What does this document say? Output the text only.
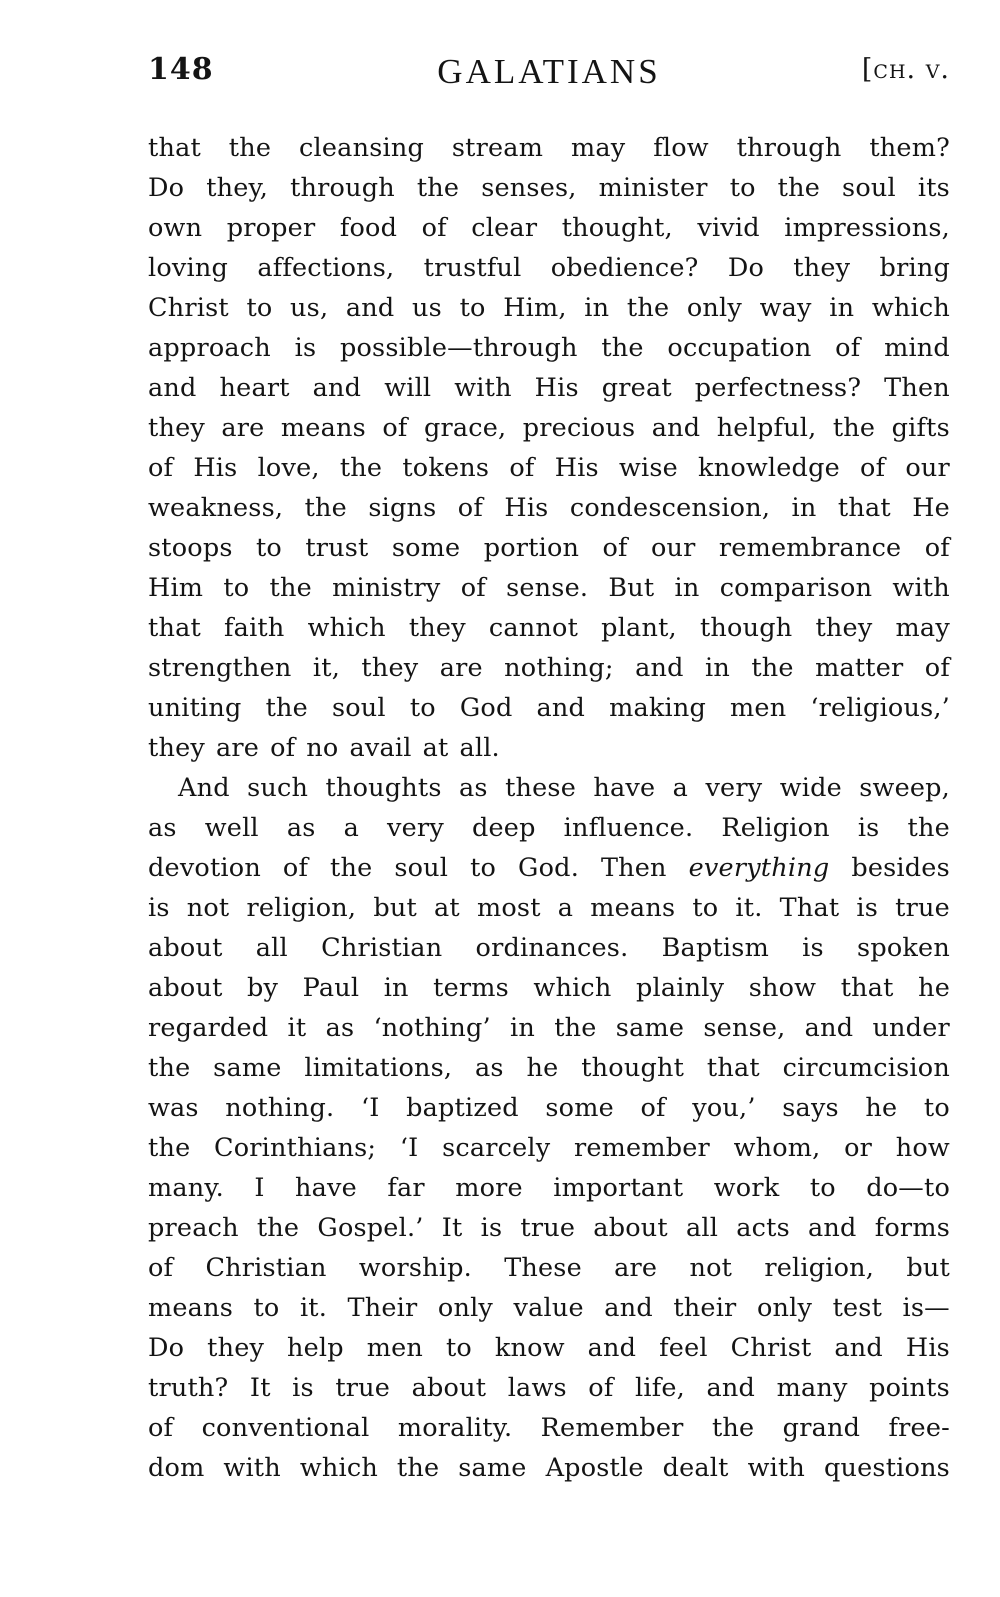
148	GALATIANS	[ch. v.
that the cleansing stream may flow through them?
Do they, through the senses, minister to the soul its
own proper food of clear thought, vivid impressions,
loving affections, trustful obedience? Do they bring
Christ to us, and us to Him, in the only way in which
approach is possible—through the occupation of mind
and heart and will with His great perfectness? Then
they are means of grace, precious and helpful, the gifts
of His love, the tokens of His wise knowledge of our
weakness, the signs of His condescension, in that He
stoops to trust some portion of our remembrance of
Him to the ministry of sense. But in comparison with
that faith which they cannot plant, though they may
strengthen it, they are nothing; and in the matter of
uniting the soul to God and making men ‘religious,’
they are of no avail at all.
And such thoughts as these have a very wide sweep,
as well as a very deep influence. Religion is the
devotion of the soul to God. Then everything besides
is not religion, but at most a means to it. That is true
about all Christian ordinances. Baptism is spoken
about by Paul in terms which plainly show that he
regarded it as ‘nothing’ in the same sense, and under
the same limitations, as he thought that circumcision
was nothing. ‘I baptized some of you,’ says he to
the Corinthians; ‘I scarcely remember whom, or how
many. I have far more important work to do—to
preach the Gospel.’ It is true about all acts and forms
of Christian worship. These are not religion, but
means to it. Their only value and their only test is—
Do they help men to know and feel Christ and His
truth? It is true about laws of life, and many points
of conventional morality. Remember the grand free-
dom with which the same Apostle dealt with questions
